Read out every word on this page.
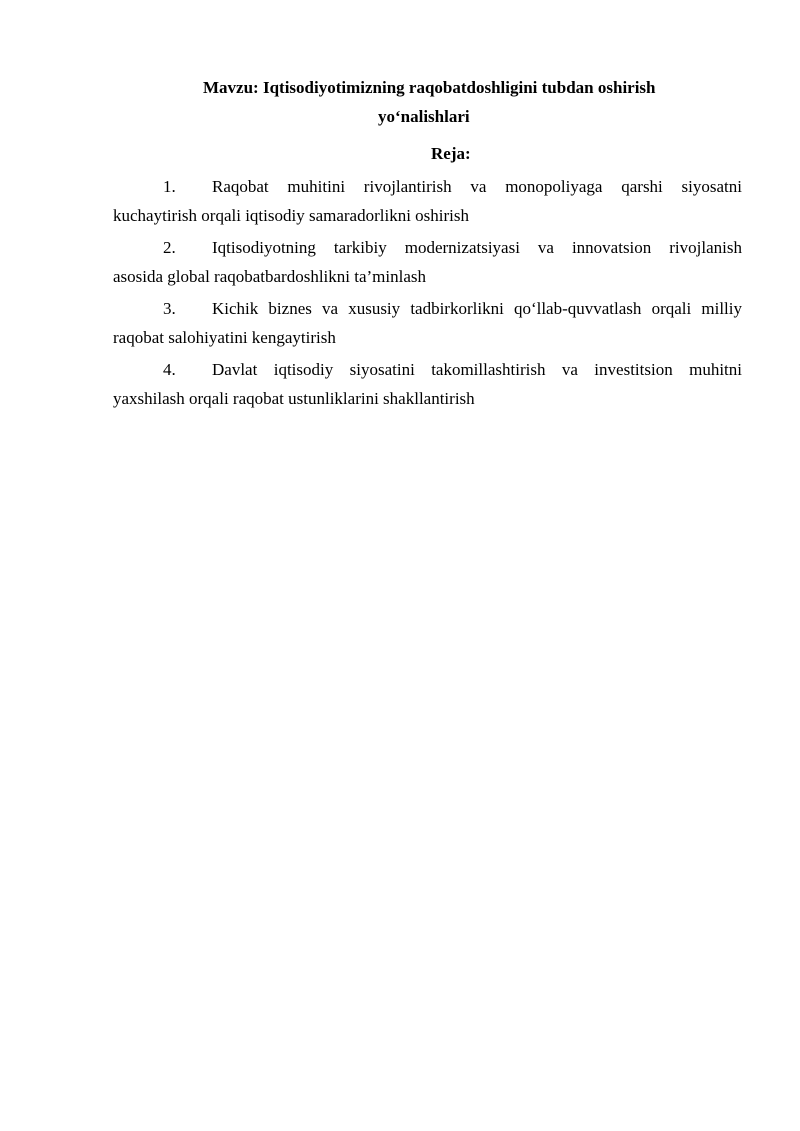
Mavzu: Iqtisodiyotimizning raqobatdoshligini tubdan oshirish
yo‘nalishlari
Reja:
1.	Raqobat muhitini rivojlantirish va monopoliyaga qarshi siyosatni
kuchaytirish orqali iqtisodiy samaradorlikni oshirish
2.	Iqtisodiyotning tarkibiy modernizatsiyasi va innovatsion rivojlanish
asosida global raqobatbardoshlikni ta’minlash
3.	Kichik biznes va xususiy tadbirkorlikni qo‘llab-quvvatlash orqali milliy
raqobat salohiyatini kengaytirish
4.	Davlat iqtisodiy siyosatini takomillashtirish va investitsion muhitni
yaxshilash orqali raqobat ustunliklarini shakllantirish
